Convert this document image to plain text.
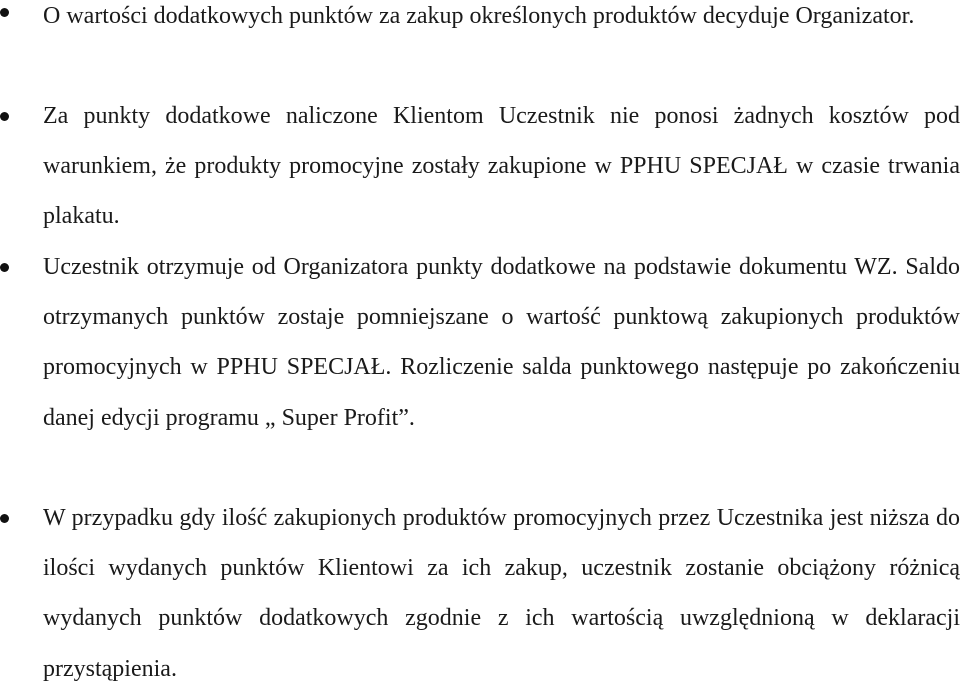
O wartości dodatkowych punktów za zakup określonych produktów decyduje Organizator.

Za punkty dodatkowe naliczone Klientom Uczestnik nie ponosi żadnych kosztów pod warunkiem, że produkty promocyjne zostały zakupione w PPHU SPECJAŁ w czasie trwania plakatu.

Uczestnik otrzymuje od Organizatora punkty dodatkowe na podstawie dokumentu WZ. Saldo otrzymanych punktów zostaje pomniejszane o wartość punktową zakupionych produktów promocyjnych w PPHU SPECJAŁ. Rozliczenie salda punktowego następuje po zakończeniu danej edycji programu „ Super Profit”.

W przypadku gdy ilość zakupionych produktów promocyjnych przez Uczestnika jest niższa do ilości wydanych punktów Klientowi za ich zakup, uczestnik zostanie obciążony różnicą wydanych punktów dodatkowych zgodnie z ich wartością uwzględnioną w deklaracji przystąpienia.
